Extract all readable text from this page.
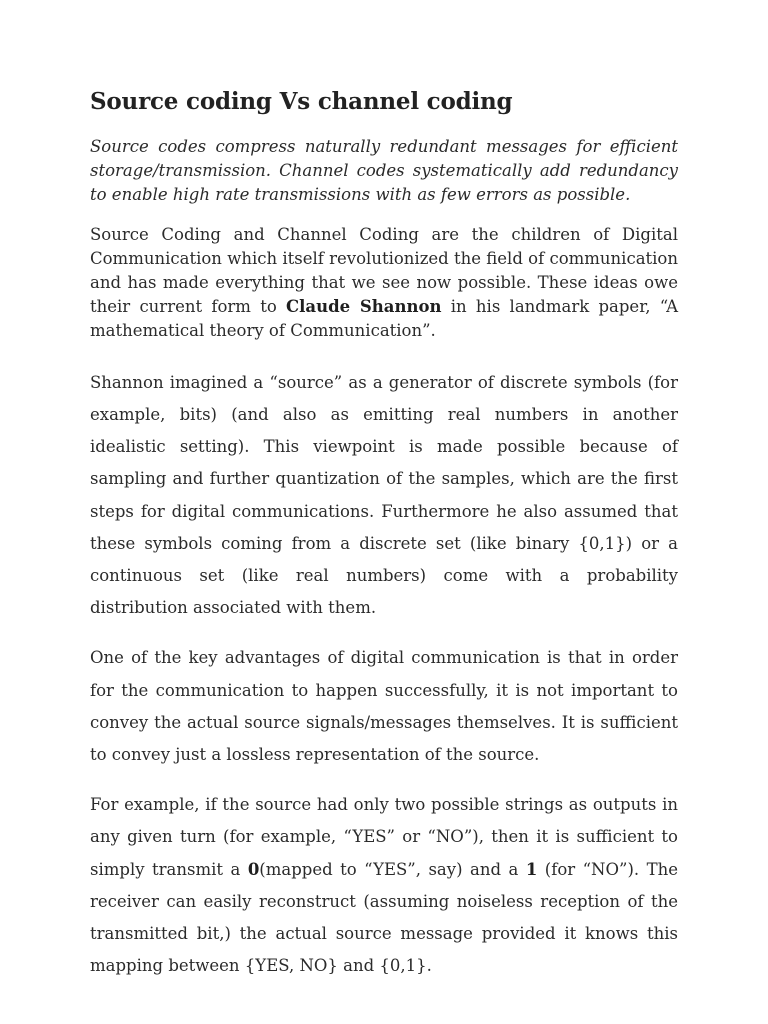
Source coding Vs channel coding

Source codes compress naturally redundant messages for efficient storage/transmission. Channel codes systematically add redundancy to enable high rate transmissions with as few errors as possible.

Source Coding and Channel Coding are the children of Digital Communication which itself revolutionized the field of communication and has made everything that we see now possible. These ideas owe their current form to Claude Shannon in his landmark paper, “A mathematical theory of Communication”.

Shannon imagined a “source” as a generator of discrete symbols (for example, bits) (and also as emitting real numbers in another idealistic setting). This viewpoint is made possible because of sampling and further quantization of the samples, which are the first steps for digital communications. Furthermore he also assumed that these symbols coming from a discrete set (like binary {0,1}) or a continuous set (like real numbers) come with a probability distribution associated with them.

One of the key advantages of digital communication is that in order for the communication to happen successfully, it is not important to convey the actual source signals/messages themselves. It is sufficient to convey just a lossless representation of the source.

For example, if the source had only two possible strings as outputs in any given turn (for example, “YES” or “NO”), then it is sufficient to simply transmit a 0(mapped to “YES”, say) and a 1 (for “NO”). The receiver can easily reconstruct (assuming noiseless reception of the transmitted bit,) the actual source message provided it knows this mapping between {YES, NO} and {0,1}.
